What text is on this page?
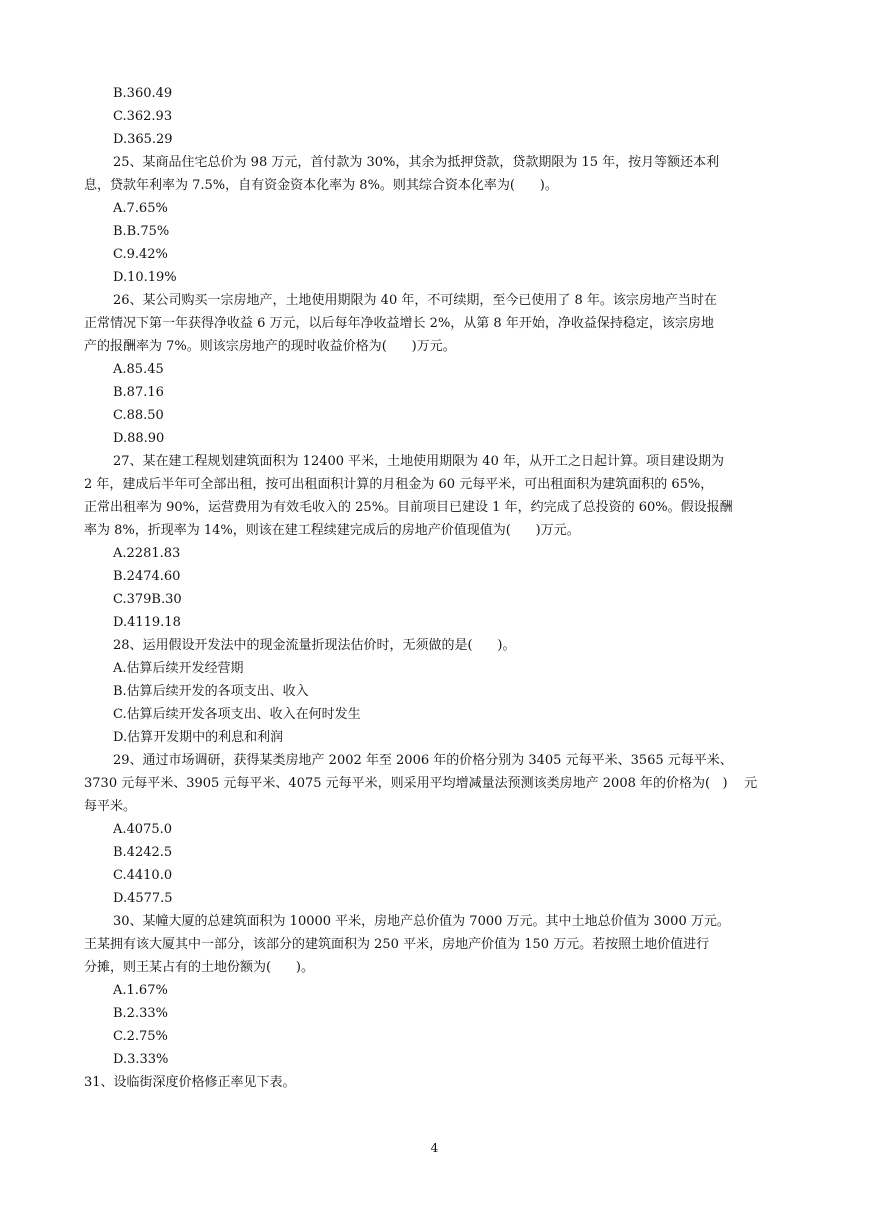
B.360.49
C.362.93
D.365.29
25、某商品住宅总价为 98 万元，首付款为 30%，其余为抵押贷款，贷款期限为 15 年，按月等额还本利
息，贷款年利率为 7.5%，自有资金资本化率为 8%。则其综合资本化率为(      )。
A.7.65%
B.B.75%
C.9.42%
D.10.19%
26、某公司购买一宗房地产，土地使用期限为 40 年，不可续期，至今已使用了 8 年。该宗房地产当时在
正常情况下第一年获得净收益 6 万元，以后每年净收益增长 2%，从第 8 年开始，净收益保持稳定，该宗房地
产的报酬率为 7%。则该宗房地产的现时收益价格为(      )万元。
A.85.45
B.87.16
C.88.50
D.88.90
27、某在建工程规划建筑面积为 12400 平米，土地使用期限为 40 年，从开工之日起计算。项目建设期为
2 年，建成后半年可全部出租，按可出租面积计算的月租金为 60 元每平米，可出租面积为建筑面积的 65%，
正常出租率为 90%，运营费用为有效毛收入的 25%。目前项目已建设 1 年，约完成了总投资的 60%。假设报酬
率为 8%，折现率为 14%，则该在建工程续建完成后的房地产价值现值为(      )万元。
A.2281.83
B.2474.60
C.379B.30
D.4119.18
28、运用假设开发法中的现金流量折现法估价时，无须做的是(      )。
A.估算后续开发经营期
B.估算后续开发的各项支出、收入
C.估算后续开发各项支出、收入在何时发生
D.估算开发期中的利息和利润
29、通过市场调研，获得某类房地产 2002 年至 2006 年的价格分别为 3405 元每平米、3565 元每平米、
3730 元每平米、3905 元每平米、4075 元每平米，则采用平均增减量法预测该类房地产 2008 年的价格为(   )    元
每平米。
A.4075.0
B.4242.5
C.4410.0
D.4577.5
30、某幢大厦的总建筑面积为 10000 平米，房地产总价值为 7000 万元。其中土地总价值为 3000 万元。
王某拥有该大厦其中一部分，该部分的建筑面积为 250 平米，房地产价值为 150 万元。若按照土地价值进行
分摊，则王某占有的土地份额为(      )。
A.1.67%
B.2.33%
C.2.75%
D.3.33%
31、设临街深度价格修正率见下表。
4
